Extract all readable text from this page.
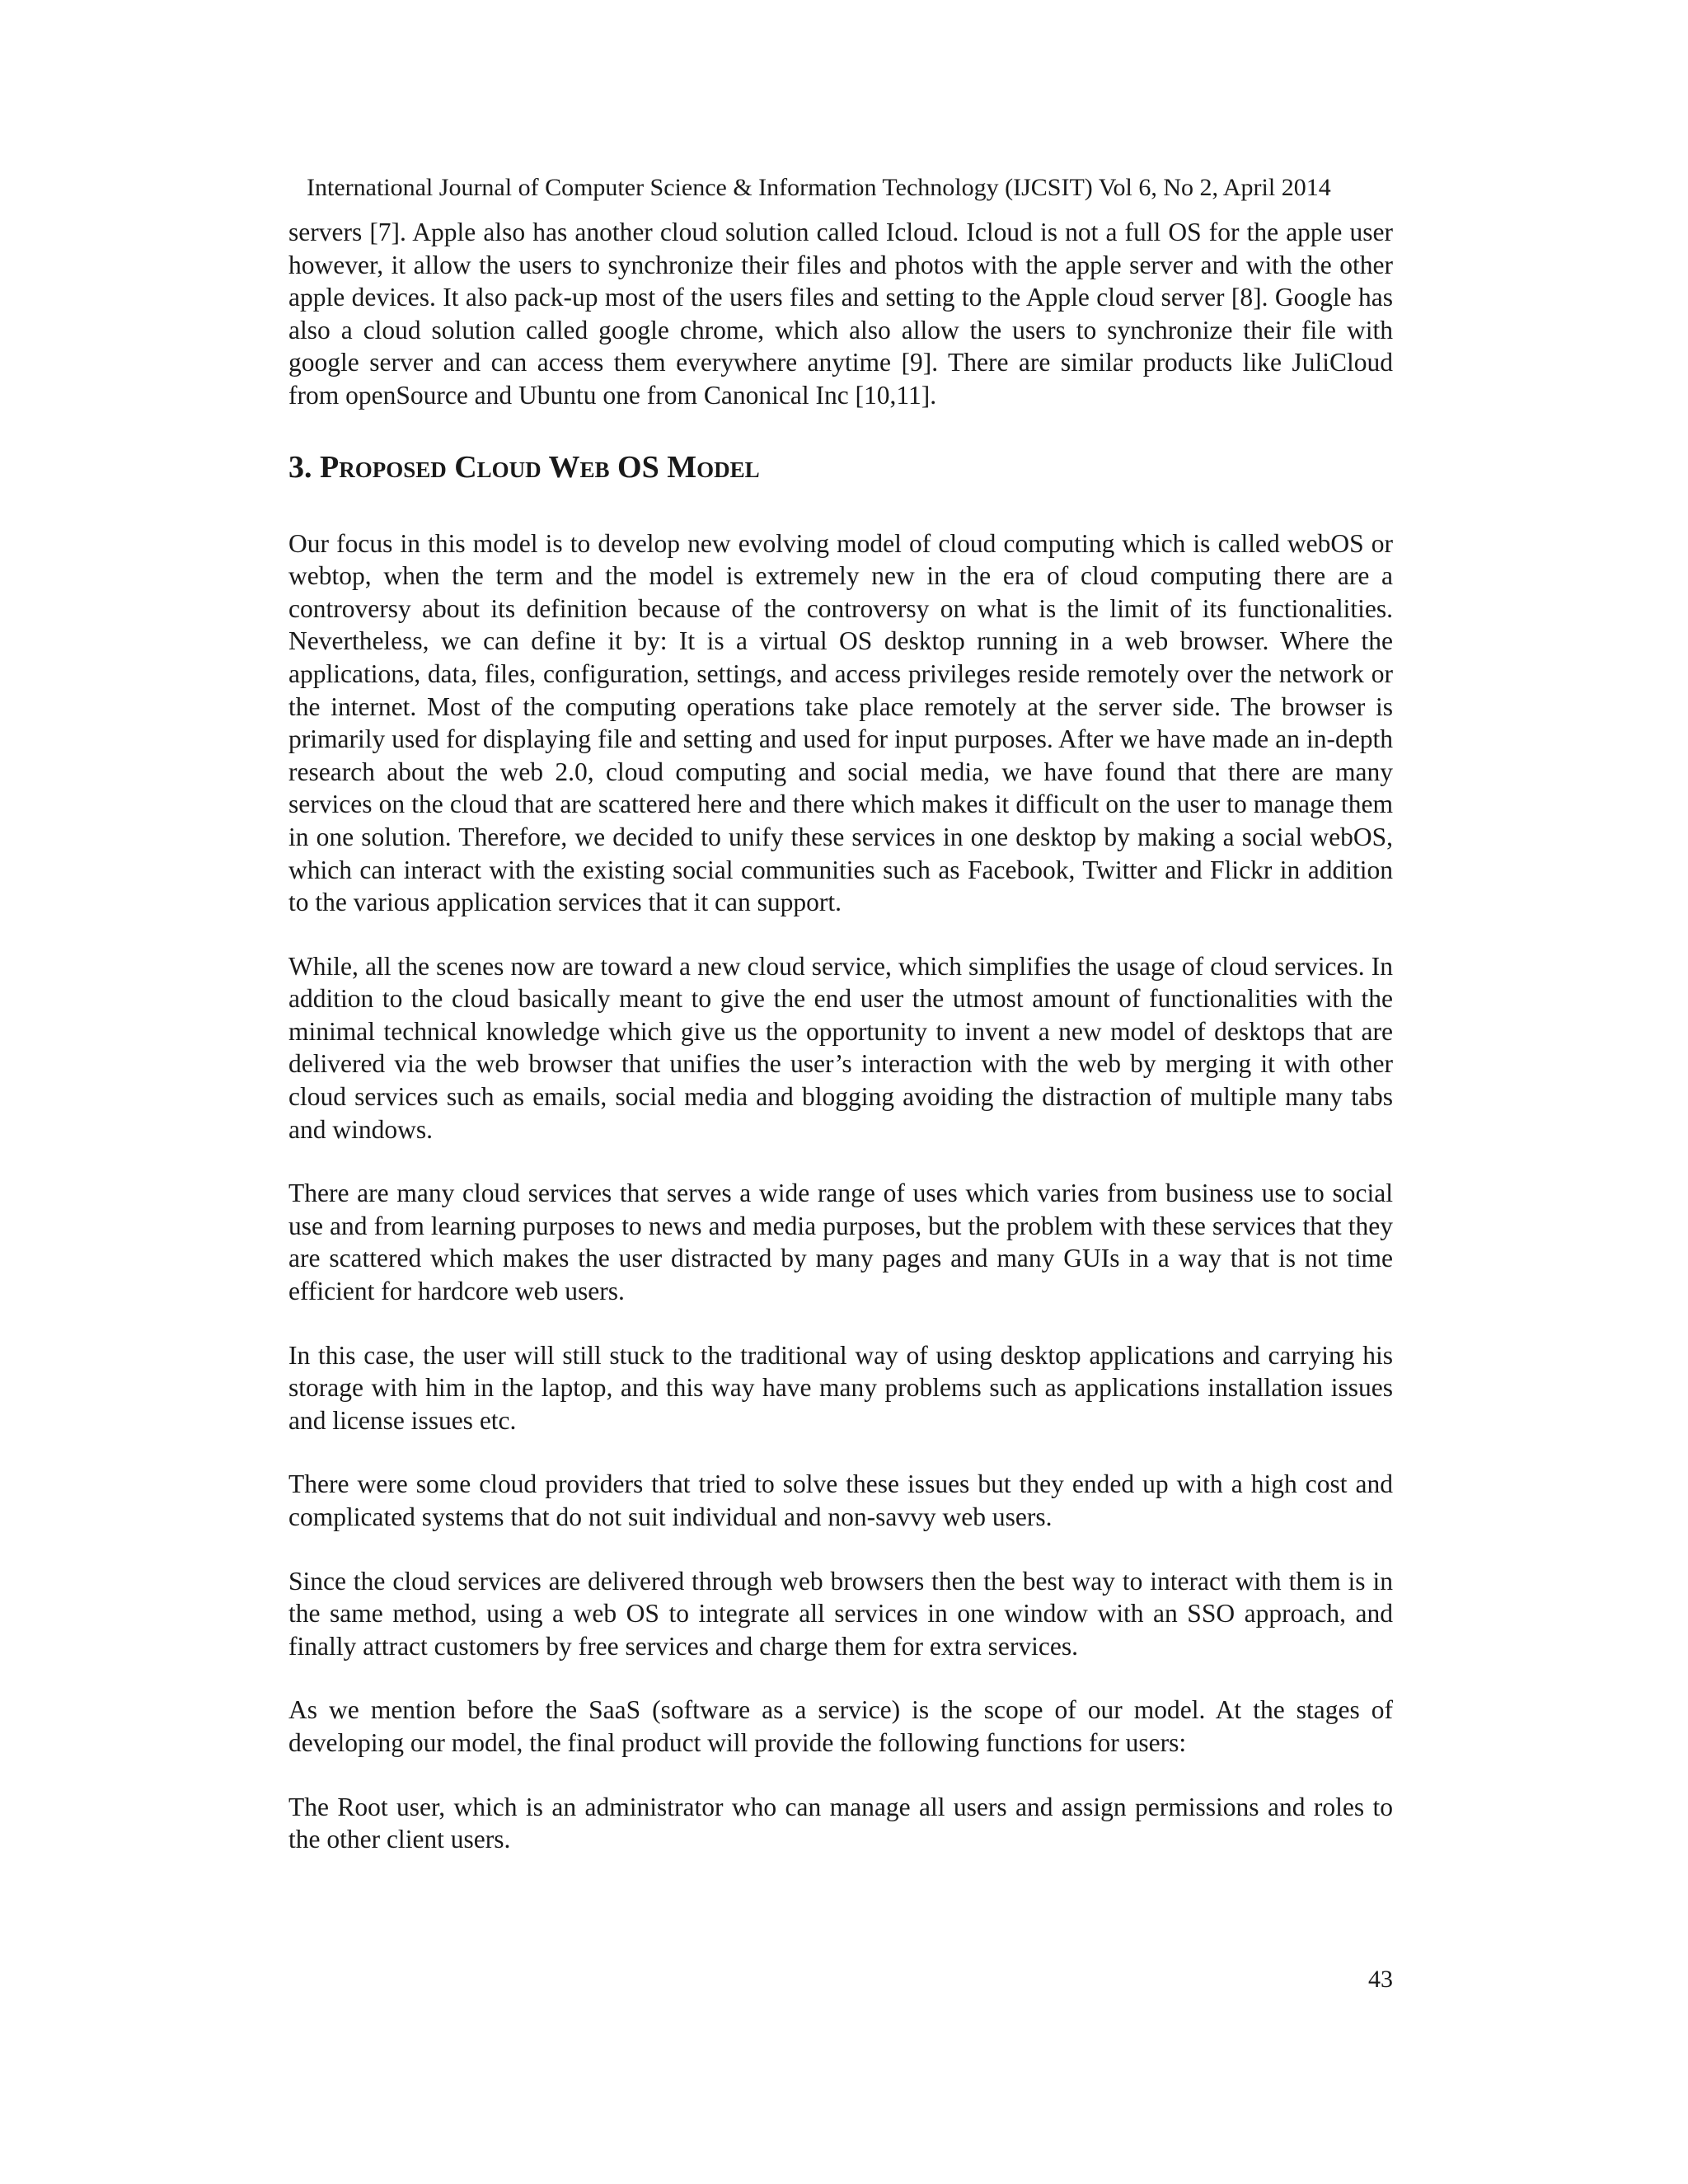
International Journal of Computer Science & Information Technology (IJCSIT) Vol 6, No 2, April 2014

servers [7]. Apple also has another cloud solution called Icloud. Icloud is not a full OS for the apple user however, it allow the users to synchronize their files and photos with the apple server and with the other apple devices. It also pack-up most of the users files and setting to the Apple cloud server [8]. Google has also a cloud solution called google chrome, which also allow the users to synchronize their file with google server and can access them everywhere anytime [9]. There are similar products like JuliCloud from openSource and Ubuntu one from Canonical Inc [10,11].

3. Proposed Cloud Web OS Model

Our focus in this model is to develop new evolving model of cloud computing which is called webOS or webtop, when the term and the model is extremely new in the era of cloud computing there are a controversy about its definition because of the controversy on what is the limit of its functionalities. Nevertheless, we can define it by: It is a virtual OS desktop running in a web browser. Where the applications, data, files, configuration, settings, and access privileges reside remotely over the network or the internet. Most of the computing operations take place remotely at the server side. The browser is primarily used for displaying file and setting and used for input purposes. After we have made an in-depth research about the web 2.0, cloud computing and social media, we have found that there are many services on the cloud that are scattered here and there which makes it difficult on the user to manage them in one solution. Therefore, we decided to unify these services in one desktop by making a social webOS, which can interact with the existing social communities such as Facebook, Twitter and Flickr in addition to the various application services that it can support.

While, all the scenes now are toward a new cloud service, which simplifies the usage of cloud services. In addition to the cloud basically meant to give the end user the utmost amount of functionalities with the minimal technical knowledge which give us the opportunity to invent a new model of desktops that are delivered via the web browser that unifies the user’s interaction with the web by merging it with other cloud services such as emails, social media and blogging avoiding the distraction of multiple many tabs and windows.

There are many cloud services that serves a wide range of uses which varies from business use to social use and from learning purposes to news and media purposes, but the problem with these services that they are scattered which makes the user distracted by many pages and many GUIs in a way that is not time efficient for hardcore web users.

In this case, the user will still stuck to the traditional way of using desktop applications and carrying his storage with him in the laptop, and this way have many problems such as applications installation issues and license issues etc.

There were some cloud providers that tried to solve these issues but they ended up with a high cost and complicated systems that do not suit individual and non-savvy web users.

Since the cloud services are delivered through web browsers then the best way to interact with them is in the same method, using a web OS to integrate all services in one window with an SSO approach, and finally attract customers by free services and charge them for extra services.

As we mention before the SaaS (software as a service) is the scope of our model. At the stages of developing our model, the final product will provide the following functions for users:

The Root user, which is an administrator who can manage all users and assign permissions and roles to the other client users.

43
